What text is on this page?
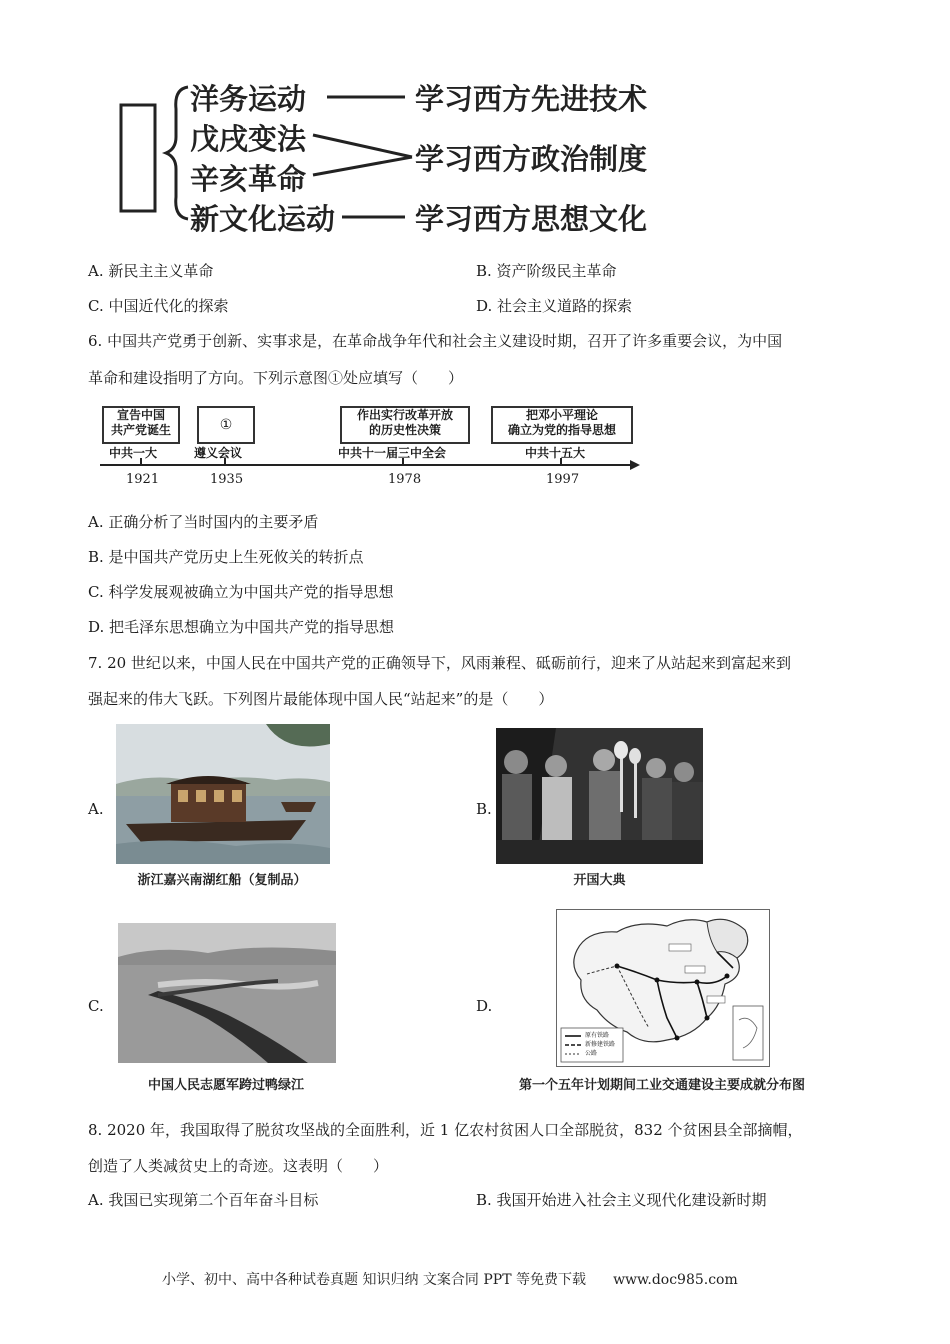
洋务运动
戊戌变法
辛亥革命
新文化运动
学习西方先进技术
学习西方政治制度
学习西方思想文化
A. 新民主主义革命	B. 资产阶级民主革命
C. 中国近代化的探索	D. 社会主义道路的探索
6. 中国共产党勇于创新、实事求是，在革命战争年代和社会主义建设时期，召开了许多重要会议，为中国
革命和建设指明了方向。下列示意图①处应填写（　　）
宣告中国
共产党诞生	①
作出实行改革开放
的历史性决策
把邓小平理论
确立为党的指导思想
中共一大	遵义会议	中共十一届三中全会	中共十五大
1921	1935	1978	1997
A. 正确分析了当时国内的主要矛盾
B. 是中国共产党历史上生死攸关的转折点
C. 科学发展观被确立为中国共产党的指导思想
D. 把毛泽东思想确立为中国共产党的指导思想
7. 20 世纪以来，中国人民在中国共产党的正确领导下，风雨兼程、砥砺前行，迎来了从站起来到富起来到
强起来的伟大飞跃。下列图片最能体现中国人民“站起来”的是（　　）
A.
浙江嘉兴南湖红船（复制品）
B.
开国大典
C.
中国人民志愿军跨过鸭绿江
D.
原有铁路
新修建铁路
公路
第一个五年计划期间工业交通建设主要成就分布图
8. 2020 年，我国取得了脱贫攻坚战的全面胜利，近 1 亿农村贫困人口全部脱贫，832 个贫困县全部摘帽，
创造了人类减贫史上的奇迹。这表明（　　）
A. 我国已实现第二个百年奋斗目标	B. 我国开始进入社会主义现代化建设新时期
小学、初中、高中各种试卷真题 知识归纳 文案合同 PPT 等免费下载 www.doc985.com
